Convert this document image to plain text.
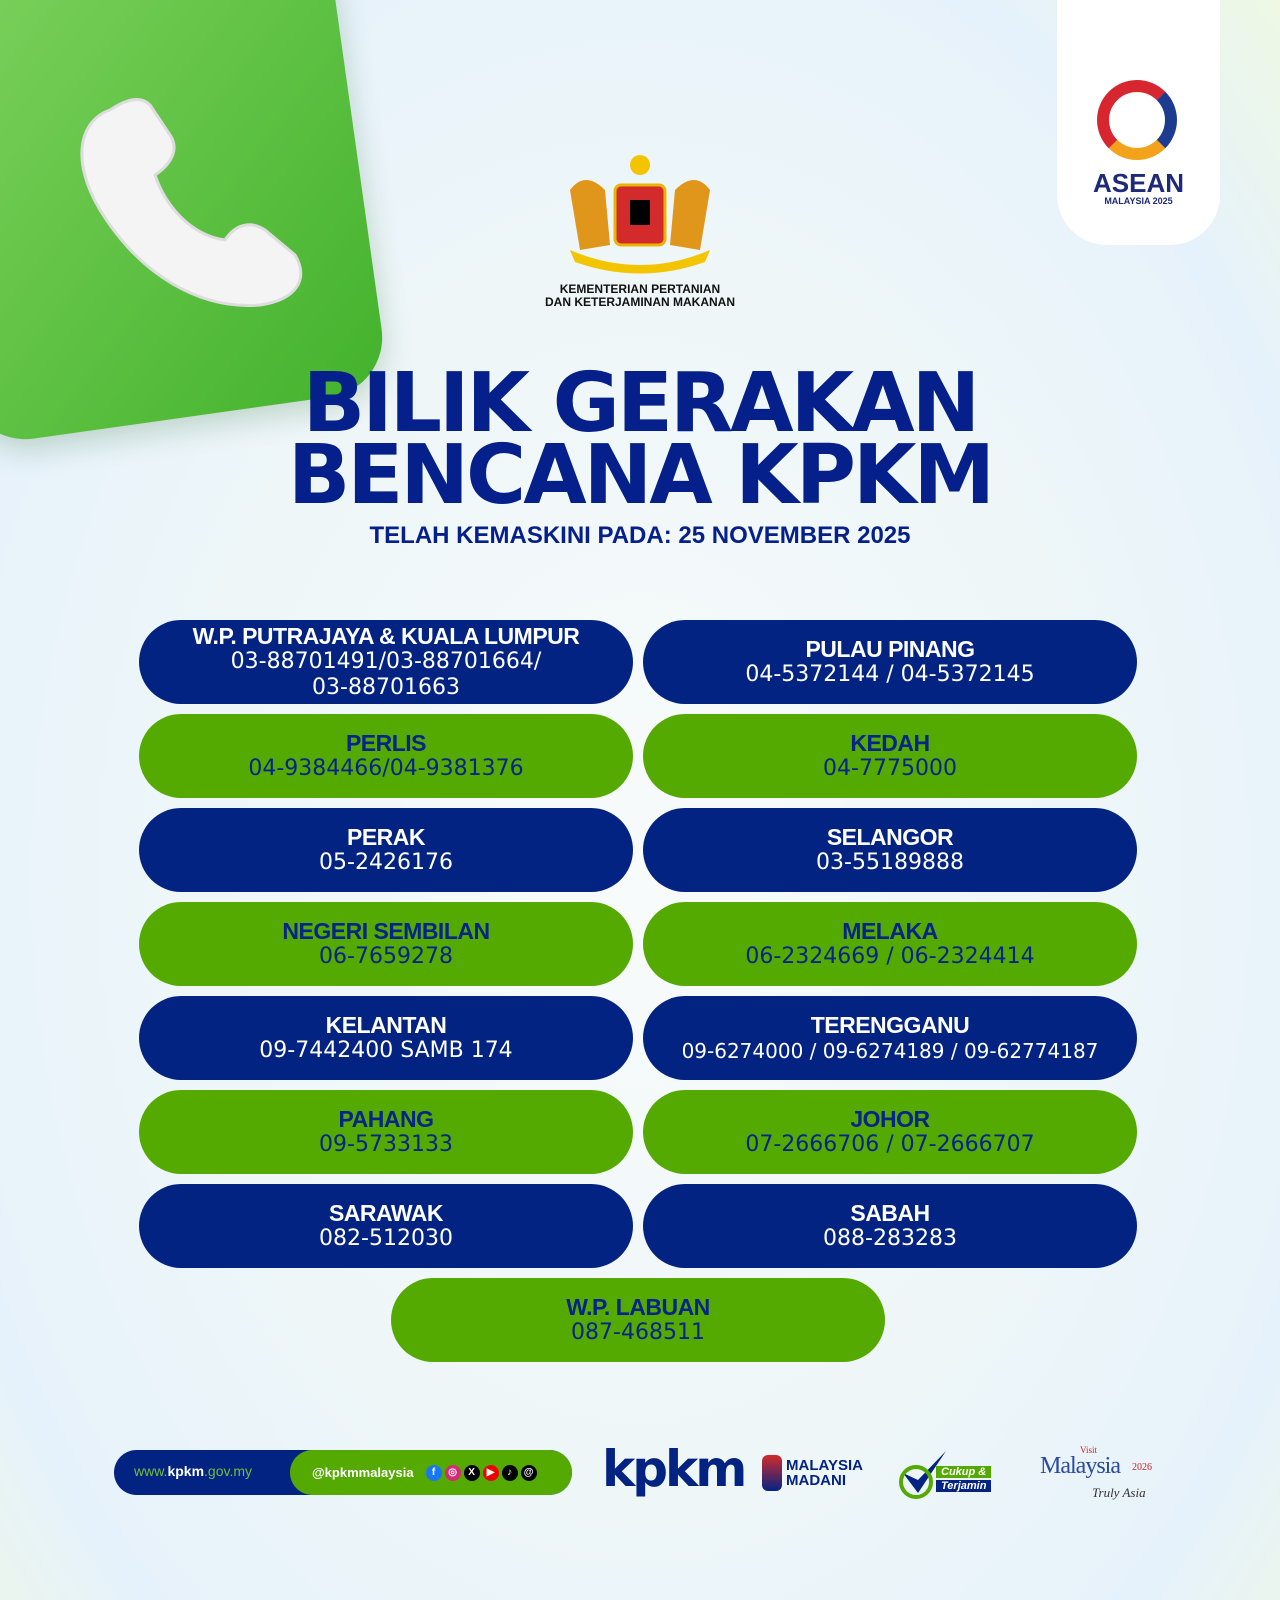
ASEAN
MALAYSIA 2025
KEMENTERIAN PERTANIAN
DAN KETERJAMINAN MAKANAN
BILIK GERAKAN
BENCANA KPKM
TELAH KEMASKINI PADA: 25 NOVEMBER 2025
W.P. PUTRAJAYA & KUALA LUMPUR
03-88701491/03-88701664/ 03-88701663
PULAU PINANG
04-5372144 / 04-5372145
PERLIS
04-9384466/04-9381376
KEDAH
04-7775000
PERAK
05-2426176
SELANGOR
03-55189888
NEGERI SEMBILAN
06-7659278
MELAKA
06-2324669 / 06-2324414
KELANTAN
09-7442400 SAMB 174
TERENGGANU
09-6274000 / 09-6274189 / 09-62774187
PAHANG
09-5733133
JOHOR
07-2666706 / 07-2666707
SARAWAK
082-512030
SABAH
088-283283
W.P. LABUAN
087-468511
www.kpkm.gov.my	@kpkmmalaysia	f	◎	X	▶	♪	@ kpkm	MALAYSIA
MADANI	Cukup &
Terjamin
Visit
Malaysia 2026
Truly Asia
